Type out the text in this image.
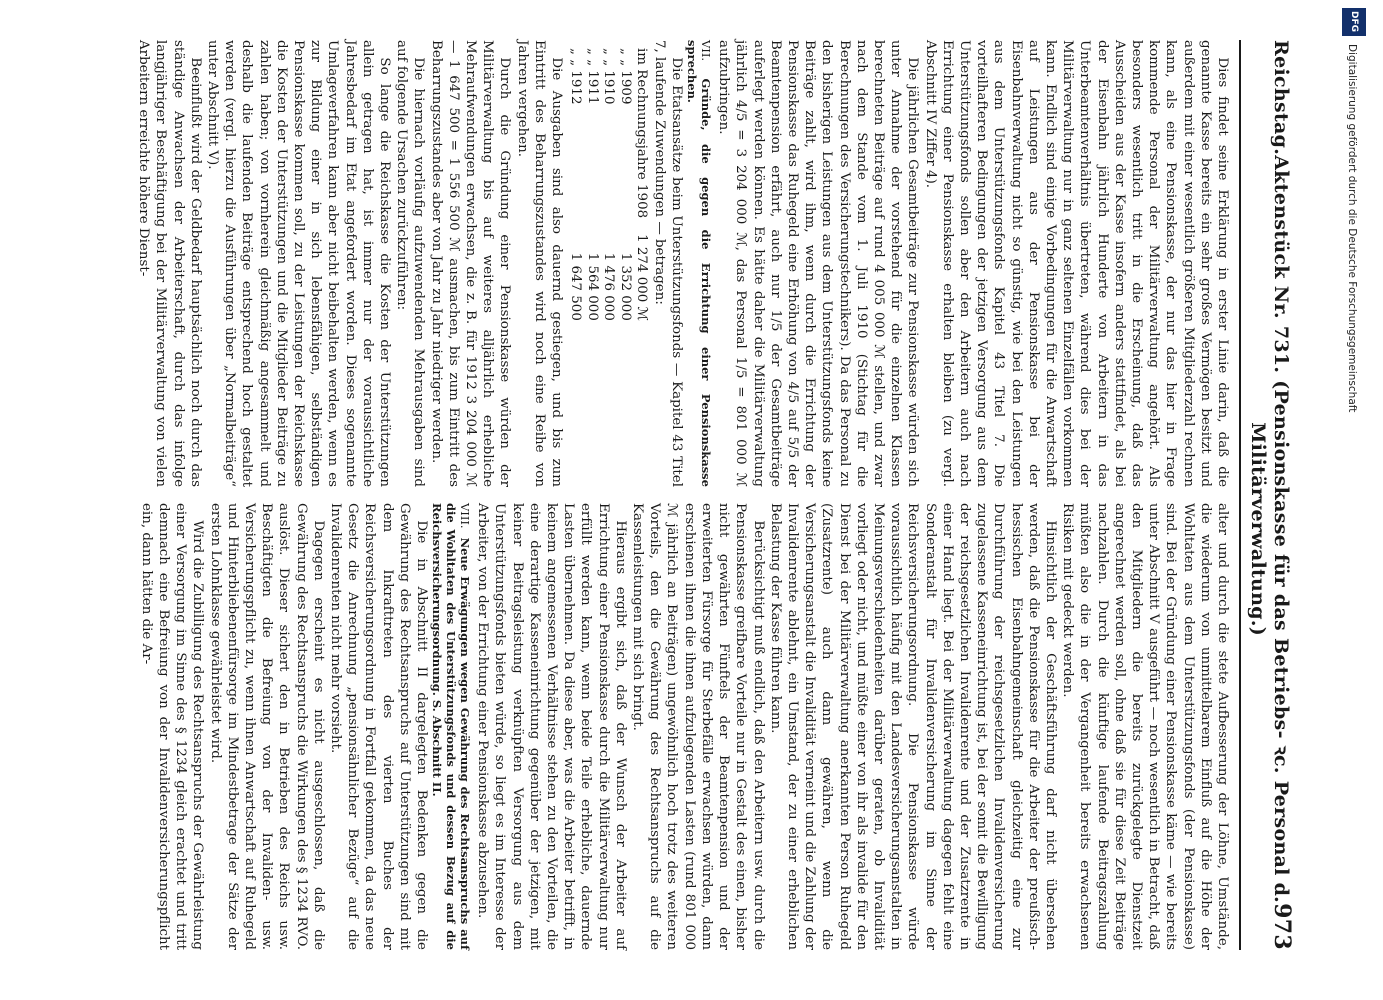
Reichstag.
Aktenstück Nr. 731. (Pensionskasse für das Betriebs- ꝛc. Personal d. Militärverwaltung.)
973

Dies findet seine Erklärung in erster Linie darin, daß die genannte Kasse bereits ein sehr großes Vermögen besitzt und außerdem mit einer wesentlich größeren Mitgliederzahl rechnen kann, als eine Pensionskasse, der nur das hier in Frage kommende Personal der Militärverwaltung angehört. Als besonders wesentlich tritt in die Erscheinung, daß das Ausscheiden aus der Kasse insofern anders stattfindet, als bei der Eisenbahn jährlich Hunderte von Arbeitern in das Unterbeamtenverhältnis übertreten, während dies bei der Militärverwaltung nur in ganz seltenen Einzelfällen vorkommen kann. Endlich sind einige Vorbedingungen für die Anwartschaft auf Leistungen aus der Pensionskasse bei der Eisenbahnverwaltung nicht so günstig, wie bei den Leistungen aus dem Unterstützungsfonds Kapitel 43 Titel 7. Die vorteilhafteren Bedingungen der jetzigen Versorgung aus dem Unterstützungsfonds sollen aber den Arbeitern auch nach Errichtung einer Pensionskasse erhalten bleiben (zu vergl. Abschnitt IV Ziffer 4).

Die jährlichen Gesamtbeiträge zur Pensionskasse würden sich unter Annahme der vorstehend für die einzelnen Klassen berechneten Beiträge auf rund 4 005 000 ℳ stellen, und zwar nach dem Stande vom 1. Juli 1910 (Stichtag für die Berechnungen des Versicherungstechnikers). Da das Personal zu den bisherigen Leistungen aus dem Unterstützungsfonds keine Beiträge zahlt, wird ihm, wenn durch die Errichtung der Pensionskasse das Ruhegeld eine Erhöhung von 4/5 auf 5/5 der Beamtenpension erfährt, auch nur 1/5 der Gesamtbeiträge auferlegt werden können. Es hätte daher die Militärverwaltung jährlich 4/5 = 3 204 000 ℳ, das Personal 1/5 = 801 000 ℳ aufzubringen.

VII. Gründe, die gegen die Errichtung einer Pensionskasse sprechen.

Die Etatsansätze beim Unterstützungsfonds — Kapitel 43 Titel 7, laufende Zuwendungen — betragen:

im Rechnungsjahre 1908	1 274 000 ℳ
„ „ 1909	1 352 000
„ „ 1910	1 476 000
„ „ 1911	1 564 000
„ „ 1912	1 647 500

Die Ausgaben sind also dauernd gestiegen, und bis zum Eintritt des Beharrungszustandes wird noch eine Reihe von Jahren vergehen.

Durch die Gründung einer Pensionskasse würden der Militärverwaltung bis auf weiteres alljährlich erhebliche Mehraufwendungen erwachsen, die z. B. für 1912 3 204 000 ℳ — 1 647 500 = 1 556 500 ℳ ausmachen, bis zum Eintritt des Beharrungszustandes aber von Jahr zu Jahr niedriger werden.

Die hiernach vorläufig aufzuwendenden Mehrausgaben sind auf folgende Ursachen zurückzuführen:

So lange die Reichskasse die Kosten der Unterstützungen allein getragen hat, ist immer nur der voraussichtliche Jahresbedarf im Etat angefordert worden. Dieses sogenannte Umlageverfahren kann aber nicht beibehalten werden, wenn es zur Bildung einer in sich lebensfähigen, selbständigen Pensionskasse kommen soll, zu der Leistungen der Reichskasse die Kosten der Unterstützungen und die Mitglieder Beiträge zu zahlen haben; von vornherein gleichmäßig angesammelt und deshalb die laufenden Beiträge entsprechend hoch gestaltet werden (vergl. hierzu die Ausführungen über „Normalbeiträge“ unter Abschnitt V).

Beeinflußt wird der Geldbedarf hauptsächlich noch durch das ständige Anwachsen der Arbeiterschaft, durch das infolge langjähriger Beschäftigung bei der Militärverwaltung von vielen Arbeitern erreichte höhere Dienst-

alter und durch die stete Aufbesserung der Löhne, Umstände, die wiederum von unmittelbarem Einfluß auf die Höhe der Wohltaten aus dem Unterstützungsfonds (der Pensionskasse) sind. Bei der Gründung einer Pensionskasse käme — wie bereits unter Abschnitt V ausgeführt — noch wesentlich in Betracht, daß den Mitgliedern die bereits zurückgelegte Dienstzeit angerechnet werden soll, ohne daß sie für diese Zeit Beiträge nachzahlen. Durch die künftige laufende Beitragszahlung müßten also die in der Vergangenheit bereits erwachsenen Risiken mit gedeckt werden.

Hinsichtlich der Geschäftsführung darf nicht übersehen werden, daß die Pensionskasse für die Arbeiter der preußisch-hessischen Eisenbahngemeinschaft gleichzeitig eine zur Durchführung der reichsgesetzlichen Invalidenversicherung zugelassene Kasseneinrichtung ist, bei der somit die Bewilligung der reichsgesetzlichen Invalidenrente und der Zusatzrente in einer Hand liegt. Bei der Militärverwaltung dagegen fehlt eine Sonderanstalt für Invalidenversicherung im Sinne der Reichsversicherungsordnung. Die Pensionskasse würde voraussichtlich häufig mit den Landesversicherungsanstalten in Meinungsverschiedenheiten darüber geraten, ob Invalidität vorliegt oder nicht, und müßte einer von ihr als invalide für den Dienst bei der Militärverwaltung anerkannten Person Ruhegeld (Zusatzrente) auch dann gewähren, wenn die Versicherungsanstalt die Invalidität verneint und die Zahlung der Invalidenrente ablehnt, ein Umstand, der zu einer erheblichen Belastung der Kasse führen kann.

Berücksichtigt muß endlich, daß den Arbeitern usw. durch die Pensionskasse greifbare Vorteile nur in Gestalt des einen, bisher nicht gewährten Fünftels der Beamtenpension und der erweiterten Fürsorge für Sterbefälle erwachsen würden, dann erschienen ihnen die ihnen aufzulegenden Lasten (rund 801 000 ℳ jährlich an Beiträgen) ungewöhnlich hoch trotz des weiteren Vorteils, den die Gewährung des Rechtsanspruchs auf die Kassenleistungen mit sich bringt.

Hieraus ergibt sich, daß der Wunsch der Arbeiter auf Errichtung einer Pensionskasse durch die Militärverwaltung nur erfüllt werden kann, wenn beide Teile erhebliche, dauernde Lasten übernehmen. Da diese aber, was die Arbeiter betrifft, in keinem angemessenen Verhältnisse stehen zu den Vorteilen, die eine derartige Kasseneinrichtung gegenüber der jetzigen, mit keiner Beitragsleistung verknüpften Versorgung aus dem Unterstützungsfonds bieten würde, so liegt es im Interesse der Arbeiter, von der Errichtung einer Pensionskasse abzusehen.

VIII. Neue Erwägungen wegen Gewährung des Rechtsanspruchs auf die Wohltaten des Unterstützungsfonds und dessen Bezug auf die Reichsversicherungsordnung. S. Abschnitt II.

Die in Abschnitt II dargelegten Bedenken gegen die Gewährung des Rechtsanspruchs auf Unterstützungen sind mit dem Inkrafttreten des vierten Buches der Reichsversicherungsordnung in Fortfall gekommen, da das neue Gesetz die Anrechnung „pensionsähnlicher Bezüge“ auf die Invalidenrenten nicht mehr vorsieht.

Dagegen erscheint es nicht ausgeschlossen, daß die Gewährung des Rechtsanspruchs die Wirkungen des § 1234 RVO. auslöst. Dieser sichert den in Betrieben des Reichs usw. Beschäftigten die Befreiung von der Invaliden- usw. Versicherungspflicht zu, wenn ihnen Anwartschaft auf Ruhegeld und Hinterbliebenenfürsorge im Mindestbetrage der Sätze der ersten Lohnklasse gewährleistet wird.

Wird die Zubilligung des Rechtsanspruchs der Gewährleistung einer Versorgung im Sinne des § 1234 gleich erachtet und tritt demnach eine Befreiung von der Invalidenversicherungspflicht ein, dann hätten die Ar-

DFG
Digitalisierung gefördert durch die Deutsche Forschungsgemeinschaft
